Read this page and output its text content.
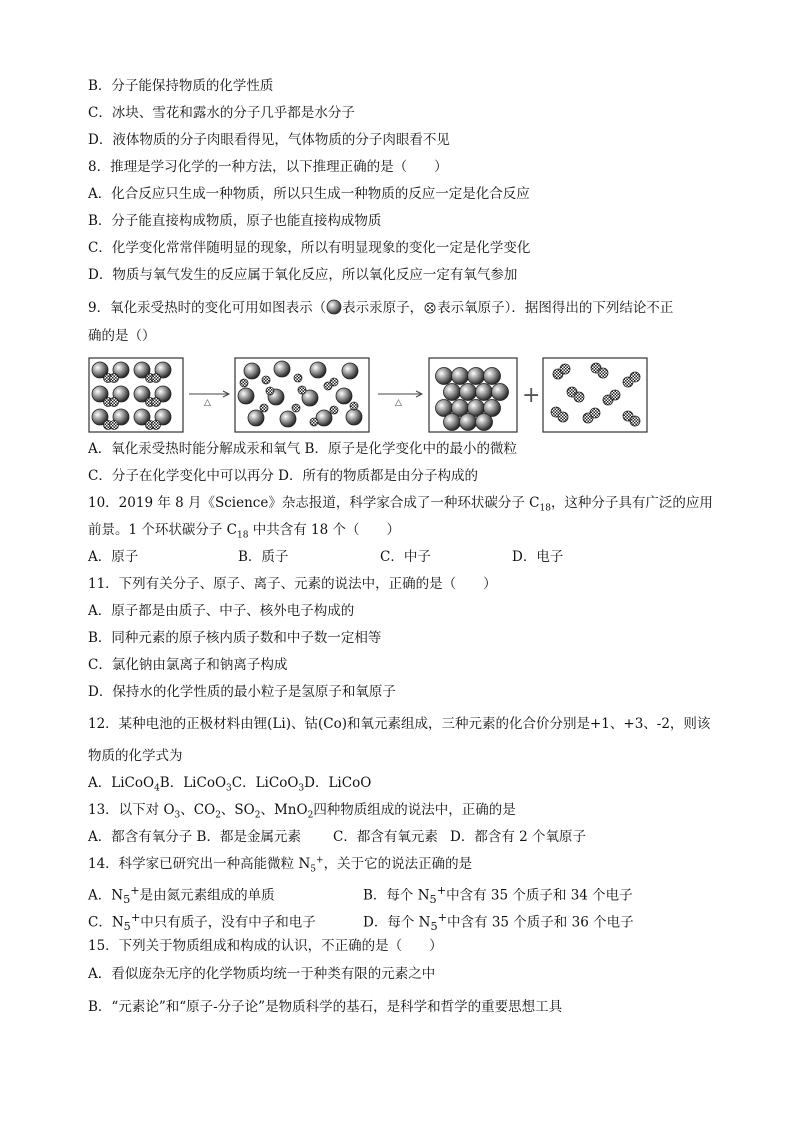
B．分子能保持物质的化学性质
C．冰块、雪花和露水的分子几乎都是水分子
D．液体物质的分子肉眼看得见，气体物质的分子肉眼看不见
8．推理是学习化学的一种方法，以下推理正确的是（　　）
A．化合反应只生成一种物质，所以只生成一种物质的反应一定是化合反应
B．分子能直接构成物质，原子也能直接构成物质
C．化学变化常常伴随明显的现象，所以有明显现象的变化一定是化学变化
D．物质与氧气发生的反应属于氧化反应，所以氧化反应一定有氧气参加
9．氧化汞受热时的变化可用如图表示（ 表示汞原子， 表示氧原子）．据图得出的下列结论不正
确的是（）
△	△	+
A．氧化汞受热时能分解成汞和氧气 B．原子是化学变化中的最小的微粒
C．分子在化学变化中可以再分 D．所有的物质都是由分子构成的
10．2019 年 8 月《Science》杂志报道，科学家合成了一种环状碳分子 $C_{18}$，这种分子具有广泛的应用
前景。1 个环状碳分子 $C_{18}$ 中共含有 18 个（　　）
A．原子	B．质子	C．中子	D．电子
11．下列有关分子、原子、离子、元素的说法中，正确的是（　　）
A．原子都是由质子、中子、核外电子构成的
B．同种元素的原子核内质子数和中子数一定相等
C．氯化钠由氯离子和钠离子构成
D．保持水的化学性质的最小粒子是氢原子和氧原子
12．某种电池的正极材料由锂(Li)、钴(Co)和氧元素组成，三种元素的化合价分别是+1、+3、-2，则该
物质的化学式为
A．LiCoO$_4$B．LiCoO$_3$C．LiCoO$_3$D．LiCoO
13．以下对 $O_3$、$CO_2$、$SO_2$、MnO$_2$四种物质组成的说法中，正确的是
A．都含有氧分子 B．都是金属元素 C．都含有氧元素 D．都含有 2 个氧原子
14．科学家已研究出一种高能微粒 $N_5^+$，关于它的说法正确的是
A．$N_5^+$是由氮元素组成的单质	B．每个 $N_5^+$中含有 35 个质子和 34 个电子
C．$N_5^+$中只有质子，没有中子和电子	D．每个 $N_5^+$中含有 35 个质子和 36 个电子
15．下列关于物质组成和构成的认识，不正确的是（　　）
A．看似庞杂无序的化学物质均统一于种类有限的元素之中
B．“元素论”和“原子-分子论”是物质科学的基石，是科学和哲学的重要思想工具
